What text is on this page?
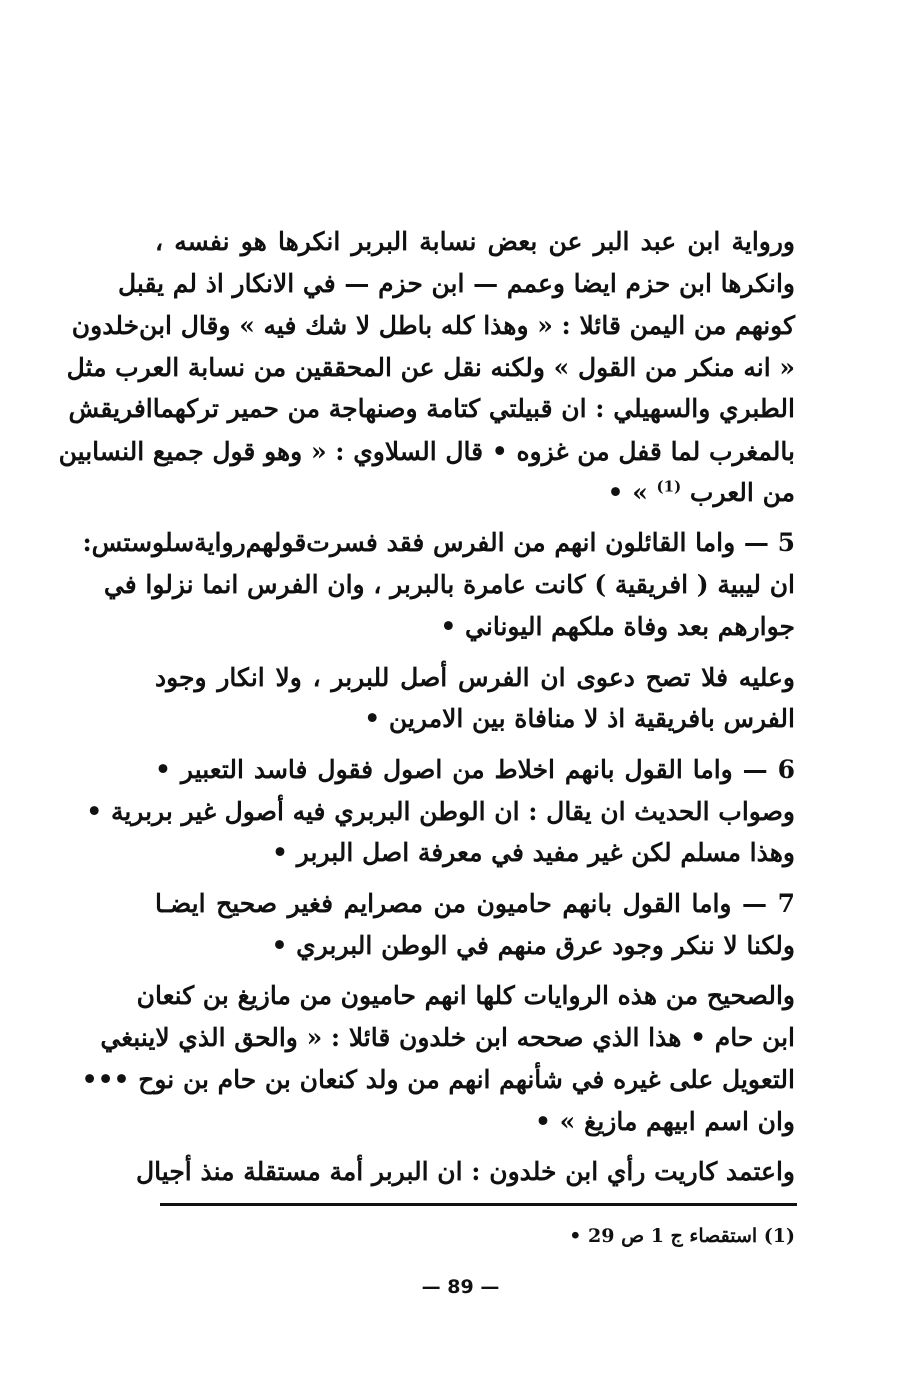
ورواية ابن عبد البر عن بعض نسابة البربر انكرها هو نفسه ،
وانكرها ابن حزم ايضا وعمم — ابن حزم — في الانكار اذ لم يقبل
كونهم من اليمن قائلا : « وهذا كله باطل لا شك فيه » وقال ابن‌خلدون
« انه منكر من القول » ولكنه نقل عن المحققين من نسابة العرب مثل
الطبري والسهيلي : ان قبيلتي كتامة وصنهاجة من حمير تركهماافريقش
بالمغرب لما قفل من غزوه • قال السلاوي : « وهو قول جميع النسابين
من العرب $^{(1)}$ » •
5 — واما القائلون انهم من الفرس فقد فسرت‌قولهم‌رواية‌سلوستس:
ان ليبية ( افريقية ) كانت عامرة بالبربر ، وان الفرس انما نزلوا في
جوارهم بعد وفاة ملكهم اليوناني •
وعليه فلا تصح دعوى ان الفرس أصل للبربر ، ولا انكار وجود
الفرس بافريقية اذ لا منافاة بين الامرين •
6 — واما القول بانهم اخلاط من اصول فقول فاسد التعبير •
وصواب الحديث ان يقال : ان الوطن البربري فيه أصول غير بربرية •
وهذا مسلم لكن غير مفيد في معرفة اصل البربر •
7 — واما القول بانهم حاميون من مصرايم فغير صحيح ايضـا
ولكنا لا ننكر وجود عرق منهم في الوطن البربري •
والصحيح من هذه الروايات كلها انهم حاميون من مازيغ بن كنعان
ابن حام • هذا الذي صححه ابن خلدون قائلا : « والحق الذي لاينبغي
التعويل على غيره في شأنهم انهم من ولد كنعان بن حام بن نوح •••
وان اسم ابيهم مازيغ » •
واعتمد كاريت رأي ابن خلدون : ان البربر أمة مستقلة منذ أجيال
(1) استقصاء ج 1 ص 29 •
— 89 —
